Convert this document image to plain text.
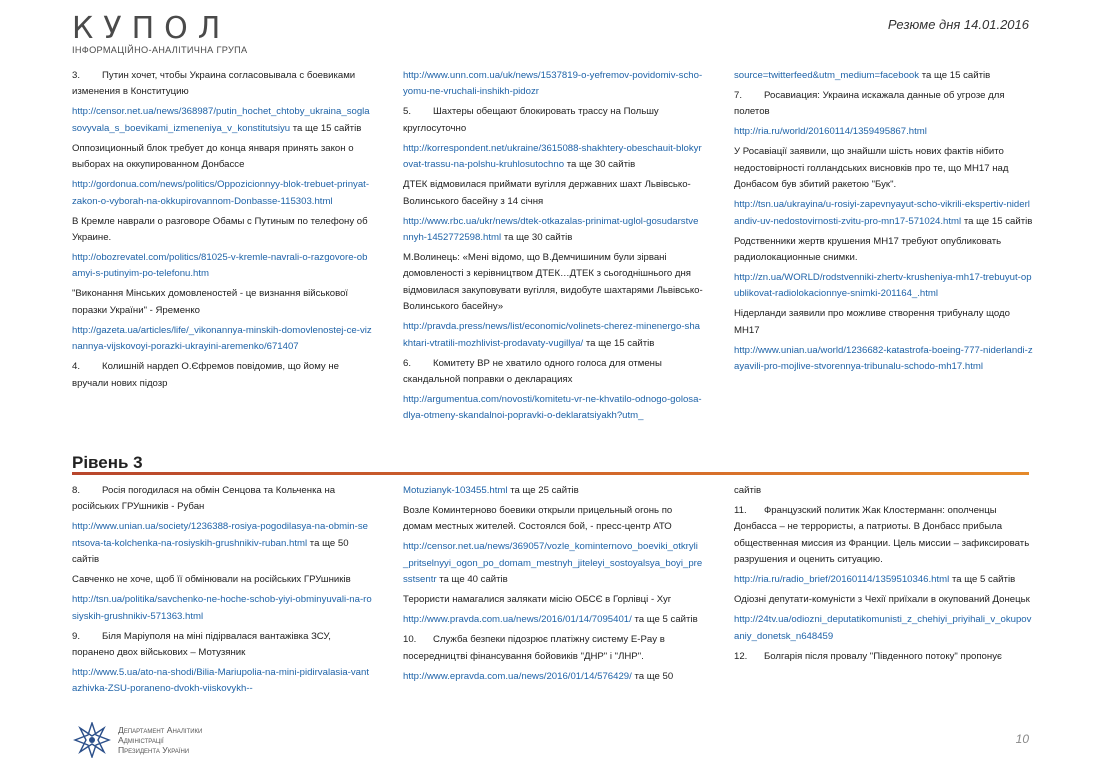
КУПОЛ
ІНФОРМАЦІЙНО-АНАЛІТИЧНА ГРУПА
Резюме дня 14.01.2016

3. Путин хочет, чтобы Украина согласовывала с боевиками изменения в Конституцию

http://censor.net.ua/news/368987/putin_hochet_chtoby_ukraina_soglasovyvala_s_boevikami_izmeneniya_v_konstitutsiyu та ще 15 сайтів

Оппозиционный блок требует до конца января принять закон о выборах на оккупированном Донбассе

http://gordonua.com/news/politics/Oppozicionnyy-blok-trebuet-prinyat-zakon-o-vyborah-na-okkupirovannom-Donbasse-115303.html

В Кремле наврали о разговоре Обамы с Путиным по телефону об Украине.

http://obozrevatel.com/politics/81025-v-kremle-navrali-o-razgovore-obamyi-s-putinyim-po-telefonu.htm

"Виконання Мінських домовленостей - це визнання військової поразки України" - Яременко

http://gazeta.ua/articles/life/_vikonannya-minskih-domovlenostej-ce-viznannya-vijskovoyi-porazki-ukrayini-aremenko/671407

4. Колишній нардеп О.Єфремов повідомив, що йому не вручали нових підозр

http://www.unn.com.ua/uk/news/1537819-o-yefremov-povidomiv-scho-yomu-ne-vruchali-inshikh-pidozr

5. Шахтеры обещают блокировать трассу на Польшу круглосуточно

http://korrespondent.net/ukraine/3615088-shakhtery-obeschauit-blokyrovat-trassu-na-polshu-kruhlosutochno та ще 30 сайтів

ДТЕК відмовилася приймати вугілля державних шахт Львівсько-Волинського басейну з 14 січня

http://www.rbc.ua/ukr/news/dtek-otkazalas-prinimat-uglol-gosudarstvennyh-1452772598.html та ще 30 сайтів

М.Волинець: «Мені відомо, що В.Демчишиним були зірвані домовленості з керівництвом ДТЕК…ДТЕК з сьогоднішнього дня відмовилася закуповувати вугілля, видобуте шахтарями Львівсько-Волинського басейну»

http://pravda.press/news/list/economic/volinets-cherez-minenergo-shakhtari-vtratili-mozhlivist-prodavaty-vugillya/ та ще 15 сайтів

6. Комитету ВР не хватило одного голоса для отмены скандальной поправки о декларациях

http://argumentua.com/novosti/komitetu-vr-ne-khvatilo-odnogo-golosa-dlya-otmeny-skandalnoi-popravki-o-deklaratsiyakh?utm_

source=twitterfeed&utm_medium=facebook та ще 15 сайтів

7. Росавиация: Украина искажала данные об угрозе для полетов

http://ria.ru/world/20160114/1359495867.html

У Росавіації заявили, що знайшли шість нових фактів нібито недостовірності голландських висновків про те, що MH17 над Донбасом був збитий ракетою "Бук".

http://tsn.ua/ukrayina/u-rosiyi-zapevnyayut-scho-vikrili-ekspertiv-niderlandiv-uv-nedostovirnosti-zvitu-pro-mn17-571024.html та ще 15 сайтів

Родственники жертв крушения MH17 требуют опубликовать радиолокационные снимки.

http://zn.ua/WORLD/rodstvenniki-zhertv-krusheniya-mh17-trebuyut-opublikovat-radiolokacionnye-snimki-201164_.html

Нідерланди заявили про можливе створення трибуналу щодо MH17

http://www.unian.ua/world/1236682-katastrofa-boeing-777-niderlandi-zayavili-pro-mojlive-stvorennya-tribunalu-schodo-mh17.html

Рівень 3

8. Росія погодилася на обмін Сенцова та Кольченка на російських ГРУшників - Рубан

http://www.unian.ua/society/1236388-rosiya-pogodilasya-na-obmin-sentsova-ta-kolchenka-na-rosiyskih-grushnikiv-ruban.html та ще 50 сайтів

Савченко не хоче, щоб її обмінювали на російських ГРУшників

http://tsn.ua/politika/savchenko-ne-hoche-schob-yiyi-obminyuvali-na-rosiyskih-grushnikiv-571363.html

9. Біля Маріуполя на міні підірвалася вантажівка ЗСУ, поранено двох військових – Мотузяник

http://www.5.ua/ato-na-shodi/Bilia-Mariupolia-na-mini-pidirvalasia-vantazhivka-ZSU-poraneno-dvokh-viiskovykh--

Motuzianyk-103455.html та ще 25 сайтів

Возле Коминтерново боевики открыли прицельный огонь по домам местных жителей. Состоялся бой, - пресс-центр АТО

http://censor.net.ua/news/369057/vozle_kominternovo_boeviki_otkryli_pritselnyyi_ogon_po_domam_mestnyh_jiteleyi_sostoyalsya_boyi_presstsentr та ще 40 сайтів

Терористи намагалися залякати місію ОБСЄ в Горлівці - Хуг

http://www.pravda.com.ua/news/2016/01/14/7095401/ та ще 5 сайтів

10. Служба безпеки підозрює платіжну систему E-Pay в посередництві фінансування бойовиків "ДНР" і "ЛНР".

http://www.epravda.com.ua/news/2016/01/14/576429/ та ще 50

сайтів

11. Французский политик Жак Клостерманн: ополченцы Донбасса – не террористы, а патриоты. В Донбасс прибыла общественная миссия из Франции. Цель миссии – зафиксировать разрушения и оценить ситуацию.

http://ria.ru/radio_brief/20160114/1359510346.html та ще 5 сайтів

Одіозні депутати-комуністи з Чехії приїхали в окупований Донецьк

http://24tv.ua/odiozni_deputatikomunisti_z_chehiyi_priyihali_v_okupovaniy_donetsk_n648459

12. Болгарія після провалу "Південного потоку" пропонує

Департамент Аналітики
Адміністрації
Президента України
10
